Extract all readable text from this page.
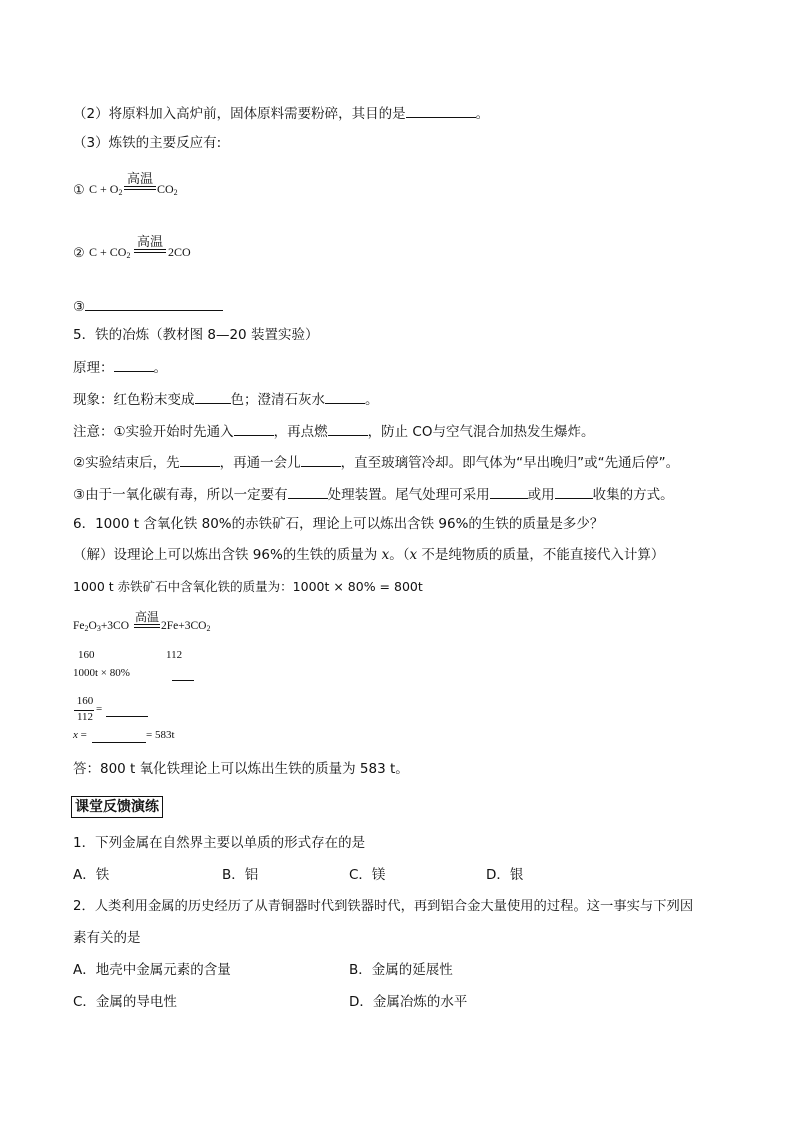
（2）将原料加入高炉前，固体原料需要粉碎，其目的是	。
（3）炼铁的主要反应有:
① $C + O_2$
高温
$CO_2$
② $C + CO_2$
高温
2CO
③
5．铁的冶炼（教材图 8—20 装置实验）
原理：	。
现象：红色粉末变成	色；澄清石灰水	。
注意：①实验开始时先通入	，再点燃	，防止 CO与空气混合加热发生爆炸。
②实验结束后，先	，再通一会儿	，直至玻璃管冷却。即气体为“早出晚归”或“先通后停”。
③由于一氧化碳有毒，所以一定要有	处理装置。尾气处理可采用	或用	收集的方式。
6．1000 t 含氧化铁 80%的赤铁矿石，理论上可以炼出含铁 96%的生铁的质量是多少？
（解）设理论上可以炼出含铁 96%的生铁的质量为 x。（x 不是纯物质的质量，不能直接代入计算）
1000 t 赤铁矿石中含氧化铁的质量为：1000t × 80% = 800t
$Fe_2O_3+3CO$
高温
$2Fe+3CO_2$
160	112
1000t × 80%
160
112
=
x =	= 583t
答：800 t 氧化铁理论上可以炼出生铁的质量为 583 t。
课堂反馈演练
1．下列金属在自然界主要以单质的形式存在的是
A．铁	B．铝	C．镁	D．银
2．人类利用金属的历史经历了从青铜器时代到铁器时代，再到铝合金大量使用的过程。这一事实与下列因
素有关的是
A．地壳中金属元素的含量	B．金属的延展性
C．金属的导电性	D．金属冶炼的水平
